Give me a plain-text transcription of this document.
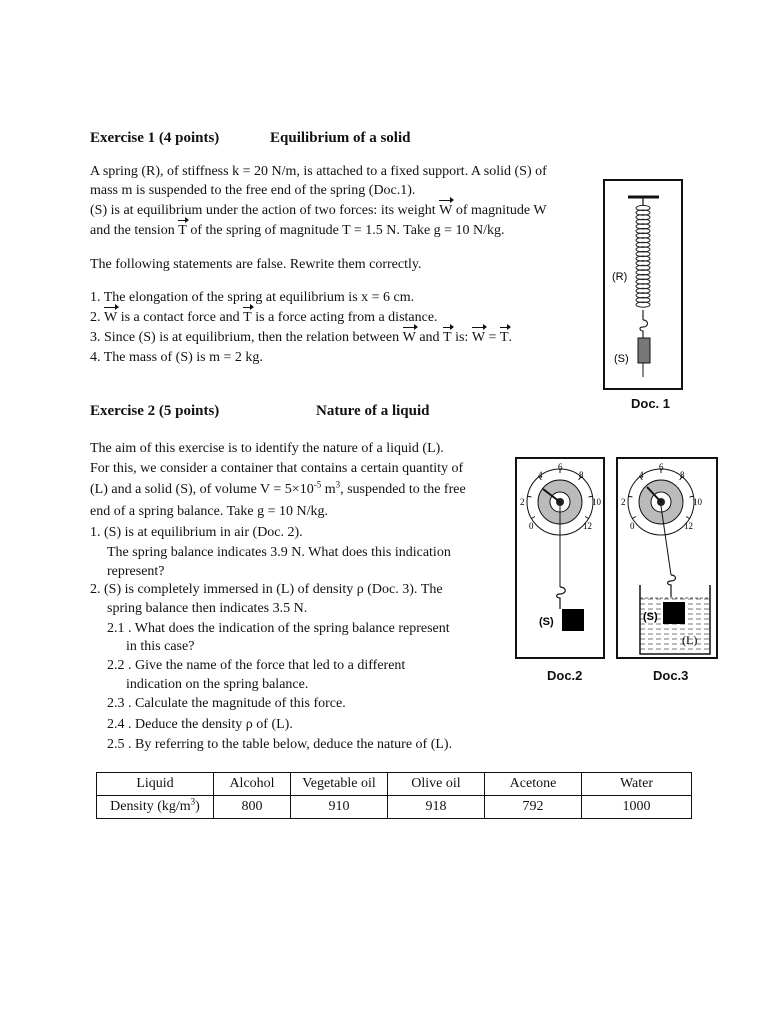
Exercise 1 (4 points)	Equilibrium of a solid
A spring (R), of stiffness k = 20 N/m, is attached to a fixed support. A solid (S) of
mass m is suspended to the free end of the spring (Doc.1).
(S) is at equilibrium under the action of two forces: its weight W of magnitude W
and the tension T of the spring of magnitude T = 1.5 N. Take g = 10 N/kg.
The following statements are false. Rewrite them correctly.
1. The elongation of the spring at equilibrium is x = 6 cm.
2. W is a contact force and T is a force acting from a distance.
3. Since (S) is at equilibrium, then the relation between W and T is: W = T.
4. The mass of (S) is m = 2 kg.
(R)
(S)
Doc. 1
Exercise 2 (5 points)	Nature of a liquid
The aim of this exercise is to identify the nature of a liquid (L).
For this, we consider a container that contains a certain quantity of
(L) and a solid (S), of volume $V = 5\times 10^{-5}$ $m^3$, suspended to the free
end of a spring balance. Take g = 10 N/kg.
1. (S) is at equilibrium in air (Doc. 2).
The spring balance indicates 3.9 N. What does this indication
represent?
2. (S) is completely immersed in (L) of density ρ (Doc. 3). The
spring balance then indicates 3.5 N.
2.1 . What does the indication of the spring balance represent
in this case?
2.2 . Give the name of the force that led to a different
indication on the spring balance.
2.3 . Calculate the magnitude of this force.
2.4 . Deduce the density ρ of (L).
2.5 . By referring to the table below, deduce the nature of (L).
(S)
6
4	8
2	10
0	12
Doc.2
(S)
(L)
6
4	8
2	10
0	12
Doc.3
Liquid	Alcohol	Vegetable oil	Olive oil	Acetone	Water
Density $(kg/m^3)$	800	910	918	792	1000
